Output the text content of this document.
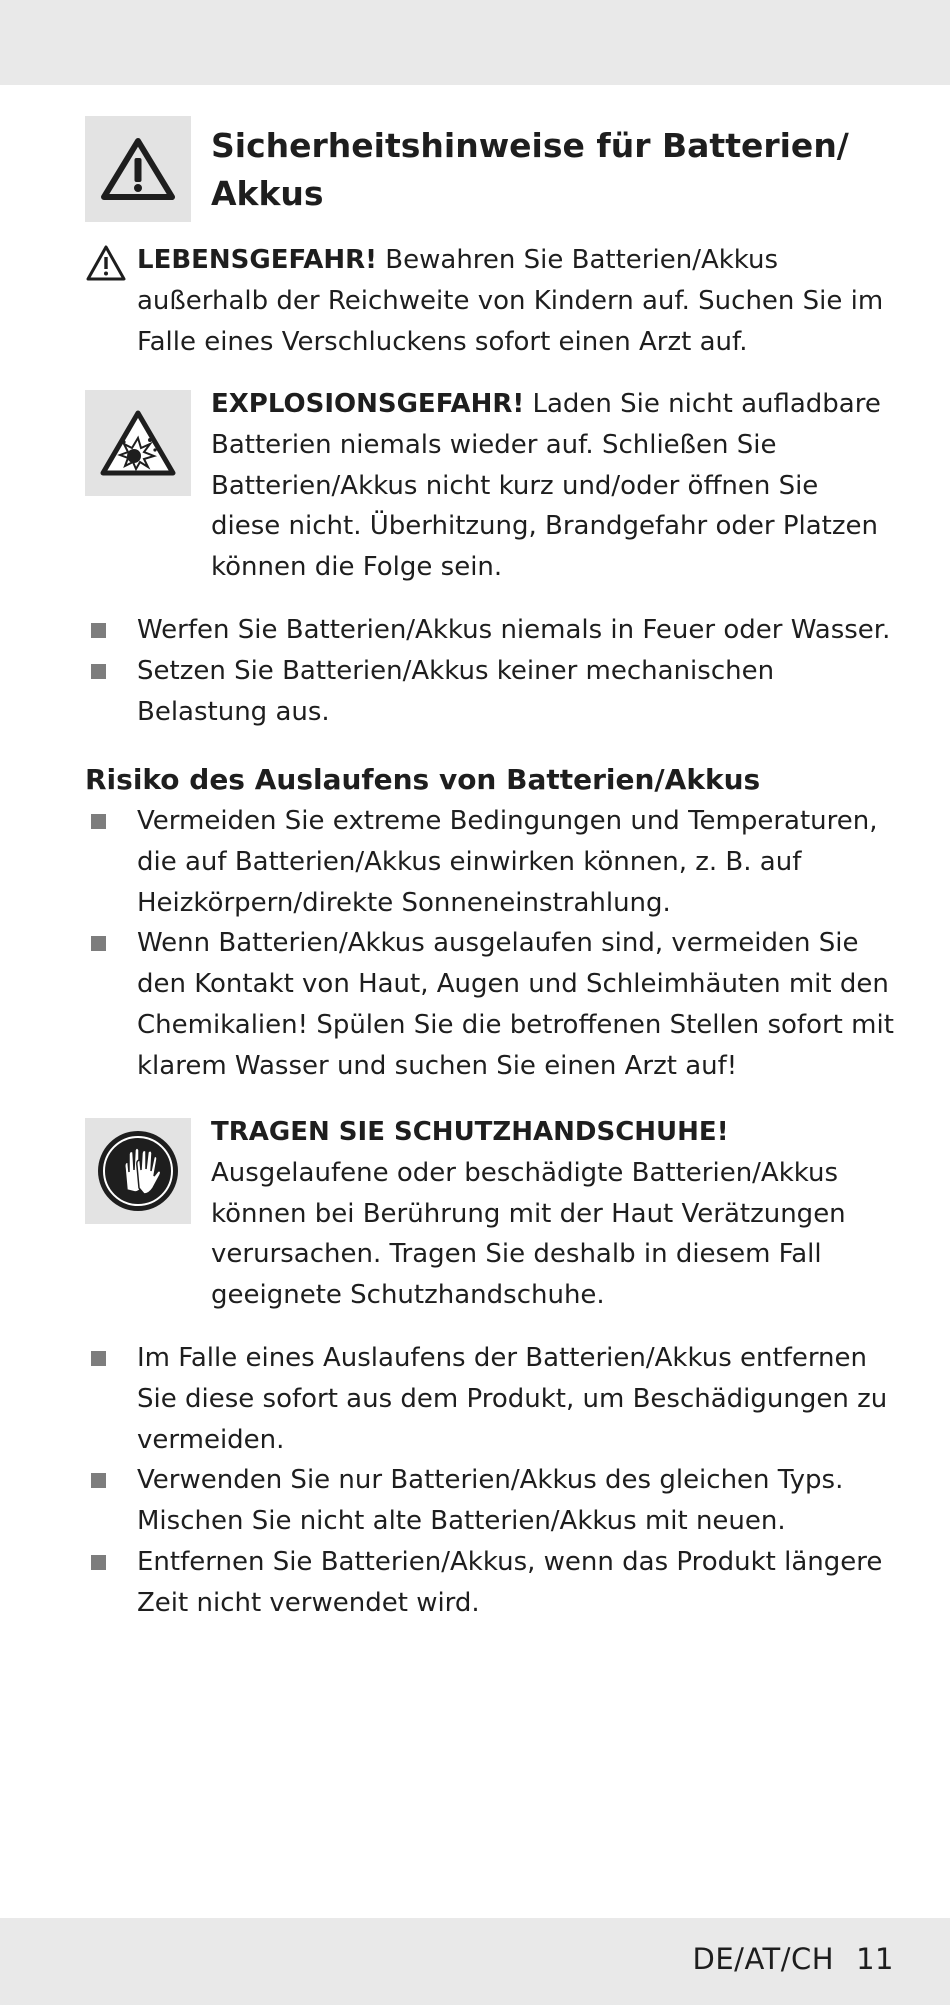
Sicherheitshinweise für Batterien/ Akkus
LEBENSGEFAHR! Bewahren Sie Batterien/Akkus außerhalb der Reichweite von Kindern auf. Suchen Sie im Falle eines Verschluckens sofort einen Arzt auf.
EXPLOSIONSGEFAHR! Laden Sie nicht aufladbare Batterien niemals wieder auf. Schließen Sie Batterien/Akkus nicht kurz und/oder öffnen Sie diese nicht. Überhitzung, Brandgefahr oder Platzen können die Folge sein.
Werfen Sie Batterien/Akkus niemals in Feuer oder Wasser.
Setzen Sie Batterien/Akkus keiner mechanischen Belastung aus.
Risiko des Auslaufens von Batterien/Akkus
Vermeiden Sie extreme Bedingungen und Temperaturen, die auf Batterien/Akkus einwirken können, z. B. auf Heizkörpern/direkte Sonneneinstrahlung.
Wenn Batterien/Akkus ausgelaufen sind, vermeiden Sie den Kontakt von Haut, Augen und Schleimhäuten mit den Chemikalien! Spülen Sie die betroffenen Stellen sofort mit klarem Wasser und suchen Sie einen Arzt auf!
TRAGEN SIE SCHUTZHANDSCHUHE!
Ausgelaufene oder beschädigte Batterien/Akkus können bei Berührung mit der Haut Verätzungen verursachen. Tragen Sie deshalb in diesem Fall geeignete Schutzhandschuhe.
Im Falle eines Auslaufens der Batterien/Akkus entfernen Sie diese sofort aus dem Produkt, um Beschädigungen zu vermeiden.
Verwenden Sie nur Batterien/Akkus des gleichen Typs. Mischen Sie nicht alte Batterien/Akkus mit neuen.
Entfernen Sie Batterien/Akkus, wenn das Produkt längere Zeit nicht verwendet wird.
DE/AT/CH 11
